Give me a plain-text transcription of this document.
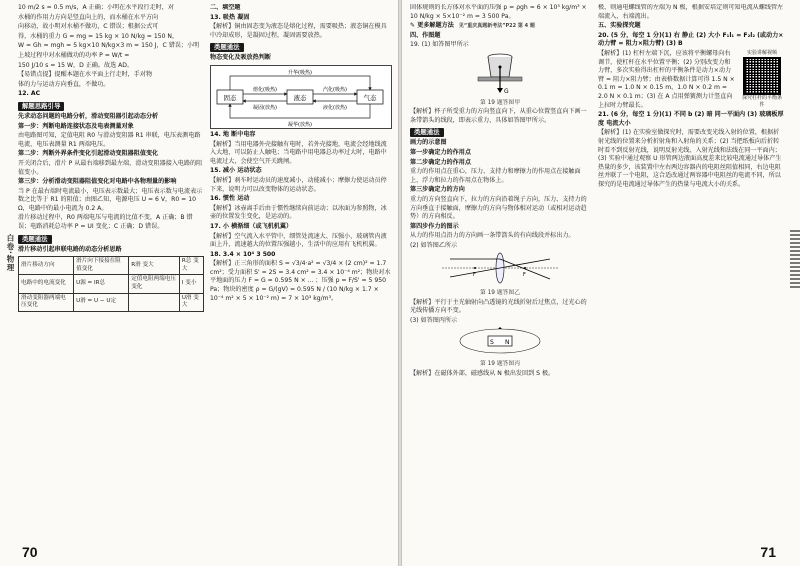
白卷·物理

10 m/2 s = 0.5 m/s，A 正确；小明在水平段行走时，对

水桶的作用力方向是竖直向上的，而水桶在水平方向

向移动，故小明对水桶不做功，C 错误；根据公式可

得，水桶的重力 G = mg = 15 kg × 10 N/kg = 150 N，

W = Gh = mgh = 5 kg×10 N/kg×3 m = 150 J，C 错误；小明

上坡过程中对水桶做功的功率 P = W/t =

150 J/10 s = 15 W，D 正确。故选 AD。

【易错点提】提醒本题在水平面上行走时，手对物

体的力与运动方向垂直，不做功。

12. AC

解题思路引导

先求动态问题的电路分析，滑动变阻器引起动态分析

第一步：判断电路连接状态及电表测量对象

由电路图可知，定值电阻 R0 与滑动变阻器 R1 串联，电压表测电路电流，电压表测量 R1 两端电压。

第二步：判断外界条件变化引起滑动变阻器阻值变化

开关闭合后，滑片 P 从最右端移到最左端，滑动变阻器接入电路的阻值变小。

第三步：分析滑动变阻器阻值变化对电路中各物理量的影响

当 P 在最右端时电流最小，电压表示数最大；电压表示数与电流表示数之比等于 R1 的阻值；由图乙知，电源电压 U = 6 V，R0 = 10 Ω，电路中的最小电流为 0.2 A。

滑片移动过程中，R0 两端电压与电流的比值不变，A 正确；B 错误；电路消耗总功率 P = UI 变化；C 正确；D 错误。

类题通法

滑片移动引起串联电路的动态分析思路

滑片移动方向	滑片向下接接在阻值变化	R滑 变大	R总 变大
电路中的电流变化	U源 = IR总	定值电阻两端电压变化	I 变小
滑动变阻器两端电压变化	U滑 = U − U定		U滑 变大

二、填空题

13. 吸热 凝固

【解析】铜由固态变为液态是熔化过程，需要吸热；液态铜在模具中冷却成形，是凝固过程，凝固需要放热。

类题通法

物态变化及吸放热判断

固态	液态	气态
熔化(吸热)
凝固(放热)
汽化(吸热)
液化(放热)
升华(吸热)
凝华(放热)

14. 地 断中电容

【解析】当用电器外壳接触有电时，若外壳接地，电流会经地线流入大地，可以防止人触电；当电路中用电器总功率过大时，电路中电流过大，会使空气开关跳闸。

15. 减小 运动状态

【解析】刹车时运动员的速度减小，动能减小；摩擦力使运动员停下来，说明力可以改变物体的运动状态。

16. 惯性 运动

【解析】冰壶离手后由于惯性继续向前运动；以冰面为参照物，冰壶的位置发生变化，是运动的。

17. 小 横渐细（或飞机机翼）

【解析】空气流入水平管中，细管处流速大、压强小，玻璃管内液面上升，流速越大的位置压强越小，生活中的应用有飞机机翼。

18. 3.4 × 10⁴ 3 500

【解析】正三角形的面积 S = √3/4·a² = √3/4 × (2 cm)² ≈ 1.7 cm²；受力面积 S' = 2S = 3.4 cm² = 3.4 × 10⁻⁴ m²；物块对水平地面的压力 F = G = 0.595 N × ... ；压强 p = F/S' = 5 950 Pa；物块的密度 ρ = G/(gV) = 0.595 N / (10 N/kg × 1.7 × 10⁻⁴ m² × 5 × 10⁻² m) = 7 × 10³ kg/m³。

70

固体规则的长方体对水平面的压强 p = ρgh = 6 × 10³ kg/m³ × 10 N/kg × 5×10⁻² m = 3 500 Pa。

✎ 更多解题方法 见“重庆真题新考法”P22 第 4 题

四、作图题

19. (1) 如答图甲所示

G

第 19 题答图甲

【解析】杯子所受重力的方向竖直向下，从重心位置竖直向下画一条带箭头的线段，即表示重力，具体如答图甲所示。

类题通法

画力的示意图

第一步确定力的作用点

第二步确定力的作用点

重力的作用点在重心，压力、支持力和摩擦力的作用点在接触面上，浮力和拉力的作用点在物体上。

第三步确定力的方向

重力的方向竖直向下，拉力的方向沿着绳子方向，压力、支持力的方向垂直于接触面，摩擦力的方向与物体相对运动（或相对运动趋势）的方向相反。

第四步作力的图示

从力的作用点沿力的方向画一条带箭头的有向线段并标出力。

(2) 如答图乙所示

F	F

第 19 题答图乙

【解析】平行于主光轴射向凸透镜的光线折射后过焦点，过光心的光线传播方向不变。

(3) 如答图丙所示

S N

第 19 题答图丙

【解析】在磁体外部，磁感线从 N 极出发回到 S 极。

极，则通电螺线管的左端为 N 极，根据安培定则可知电流从螺线管左端流入，右端流出。

五、实验探究题

20. (5 分，每空 1 分)(1) 右 静止 (2) 大小 F₁l₁ = F₂l₂ (或动力×动力臂 = 阻力×阻力臂) (3) B

【解析】(1) 杠杆左端下沉，应该将平衡螺母向右调节，使杠杆在水平位置平衡；(2) 分别改变力和力臂，多次实验得出杠杆的平衡条件是动力×动力臂 = 阻力×阻力臂；由表格数据计算可得 1.5 N × 0.1 m = 1.0 N × 0.15 m，1.0 N × 0.2 m = 2.0 N × 0.1 m；(3) 在 A 点用弹簧测力计竖直向上拉时力臂最长。

实验讲解视频
探究杠杆的平衡条件

21. (6 分，每空 1 分)(1) 不同 b (2) 暗 同一平面内 (3) 玻璃板厚度 电流大小

【解析】(1) 在实验室做探究时，需要改变光线入射的位置，根据折射光线的位置来分析折射角和入射角的关系；(2) 当把纸板向后折转时看不到反射光线，说明反射光线、入射光线和法线在同一平面内；(3) 实验中通过观察 U 形管两边液面高度差来比较电流通过导体产生热量的多少，该装置中左右两边容器内的电阻丝阻值相同，右边电阻丝并联了一个电阻，这合适改通过两容器中电阻丝的电流不同，所以探究的是电流通过导体产生的热量与电流大小的关系。

71
